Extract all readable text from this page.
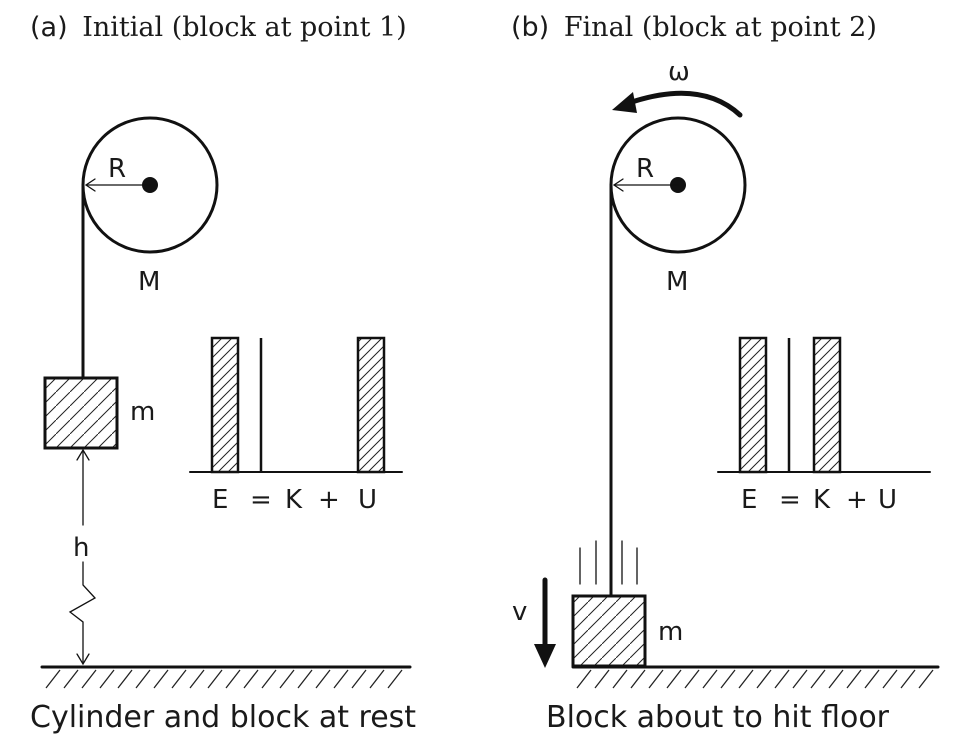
(a) Initial (block at point 1)
R
M
m
h
E = K + U
Cylinder and block at rest
(b) Final (block at point 2)
ω
R
M
m
v
E = K + U
Block about to hit floor
